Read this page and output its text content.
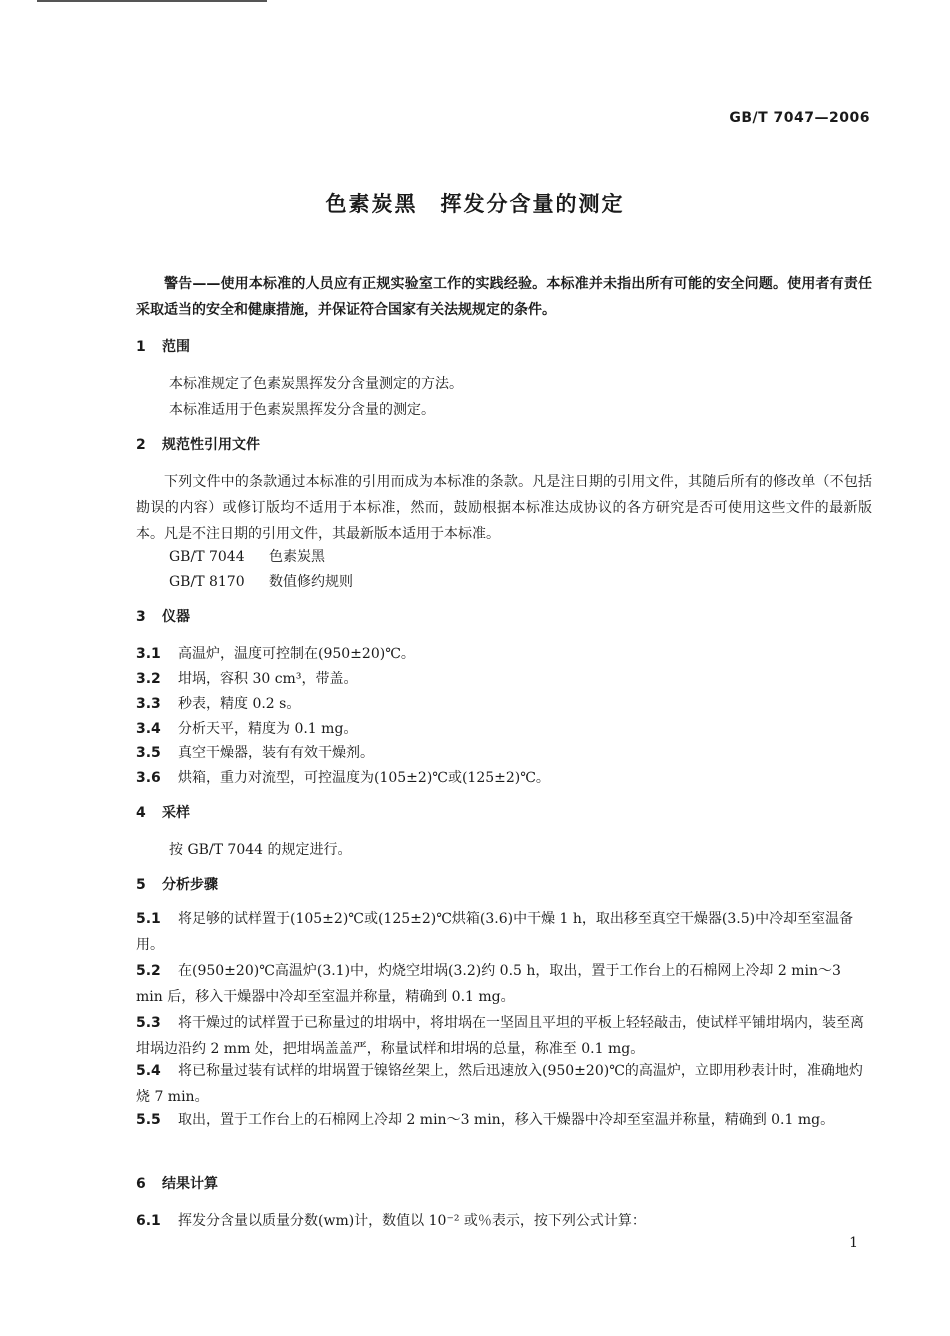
GB/T 7047—2006
色素炭黑　挥发分含量的测定
警告——使用本标准的人员应有正规实验室工作的实践经验。本标准并未指出所有可能的安全问题。使用者有责任采取适当的安全和健康措施，并保证符合国家有关法规规定的条件。
1 范围
本标准规定了色素炭黑挥发分含量测定的方法。
本标准适用于色素炭黑挥发分含量的测定。
2 规范性引用文件
下列文件中的条款通过本标准的引用而成为本标准的条款。凡是注日期的引用文件，其随后所有的修改单（不包括勘误的内容）或修订版均不适用于本标准，然而，鼓励根据本标准达成协议的各方研究是否可使用这些文件的最新版本。凡是不注日期的引用文件，其最新版本适用于本标准。
GB/T 7044 色素炭黑
GB/T 8170 数值修约规则
3 仪器
3.1 高温炉，温度可控制在(950±20)℃。
3.2 坩埚，容积 30 cm³，带盖。
3.3 秒表，精度 0.2 s。
3.4 分析天平，精度为 0.1 mg。
3.5 真空干燥器，装有有效干燥剂。
3.6 烘箱，重力对流型，可控温度为(105±2)℃或(125±2)℃。
4 采样
按 GB/T 7044 的规定进行。
5 分析步骤
5.1 将足够的试样置于(105±2)℃或(125±2)℃烘箱(3.6)中干燥 1 h，取出移至真空干燥器(3.5)中冷却至室温备用。
5.2 在(950±20)℃高温炉(3.1)中，灼烧空坩埚(3.2)约 0.5 h，取出，置于工作台上的石棉网上冷却 2 min～3 min 后，移入干燥器中冷却至室温并称量，精确到 0.1 mg。
5.3 将干燥过的试样置于已称量过的坩埚中，将坩埚在一坚固且平坦的平板上轻轻敲击，使试样平铺坩埚内，装至离坩埚边沿约 2 mm 处，把坩埚盖盖严，称量试样和坩埚的总量，称准至 0.1 mg。
5.4 将已称量过装有试样的坩埚置于镍铬丝架上，然后迅速放入(950±20)℃的高温炉，立即用秒表计时，准确地灼烧 7 min。
5.5 取出，置于工作台上的石棉网上冷却 2 min～3 min，移入干燥器中冷却至室温并称量，精确到 0.1 mg。
6 结果计算
6.1 挥发分含量以质量分数(wm)计，数值以 10⁻² 或％表示，按下列公式计算：
1
